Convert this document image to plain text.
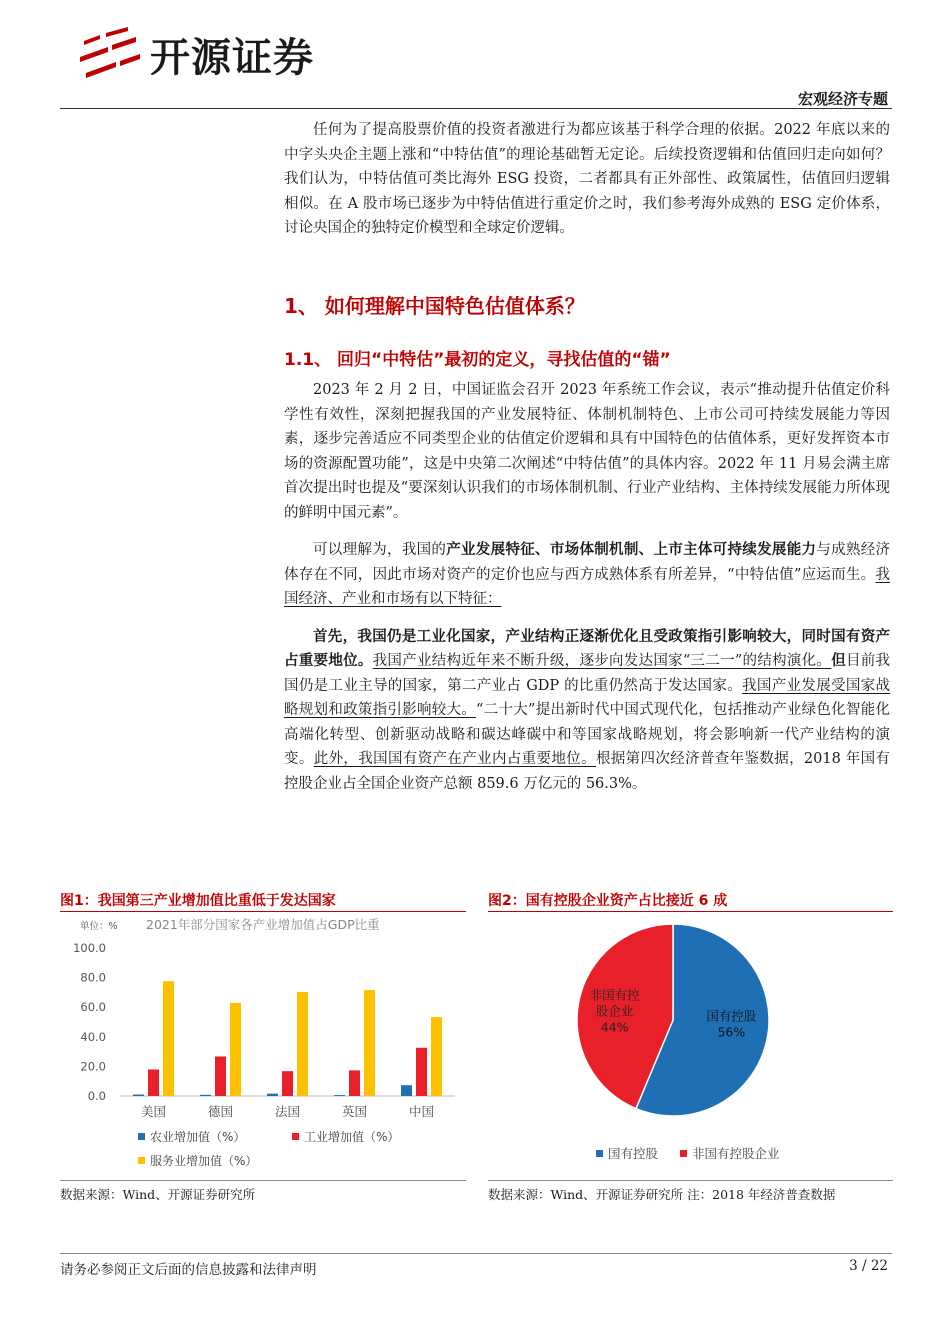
开源证券
宏观经济专题

任何为了提高股票价值的投资者激进行为都应该基于科学合理的依据。2022 年底以来的中字头央企主题上涨和“中特估值”的理论基础暂无定论。后续投资逻辑和估值回归走向如何？我们认为，中特估值可类比海外 ESG 投资，二者都具有正外部性、政策属性，估值回归逻辑相似。在 A 股市场已逐步为中特估值进行重定价之时，我们参考海外成熟的 ESG 定价体系，讨论央国企的独特定价模型和全球定价逻辑。

1、 如何理解中国特色估值体系？
1.1、 回归“中特估”最初的定义，寻找估值的“锚”

2023 年 2 月 2 日，中国证监会召开 2023 年系统工作会议，表示“推动提升估值定价科学性有效性，深刻把握我国的产业发展特征、体制机制特色、上市公司可持续发展能力等因素，逐步完善适应不同类型企业的估值定价逻辑和具有中国特色的估值体系，更好发挥资本市场的资源配置功能”，这是中央第二次阐述“中特估值”的具体内容。2022 年 11 月易会满主席首次提出时也提及“要深刻认识我们的市场体制机制、行业产业结构、主体持续发展能力所体现的鲜明中国元素”。

可以理解为，我国的产业发展特征、市场体制机制、上市主体可持续发展能力与成熟经济体存在不同，因此市场对资产的定价也应与西方成熟体系有所差异，“中特估值”应运而生。我国经济、产业和市场有以下特征：

首先，我国仍是工业化国家，产业结构正逐渐优化且受政策指引影响较大，同时国有资产占重要地位。我国产业结构近年来不断升级，逐步向发达国家“三二一”的结构演化。但目前我国仍是工业主导的国家，第二产业占 GDP 的比重仍然高于发达国家。我国产业发展受国家战略规划和政策指引影响较大。“二十大”提出新时代中国式现代化，包括推动产业绿色化智能化高端化转型、创新驱动战略和碳达峰碳中和等国家战略规划，将会影响新一代产业结构的演变。此外，我国国有资产在产业内占重要地位。根据第四次经济普查年鉴数据，2018 年国有控股企业占全国企业资产总额 859.6 万亿元的 56.3%。

图1：我国第三产业增加值比重低于发达国家
单位：% 2021年部分国家各产业增加值占GDP比重
0.0
20.0
40.0
60.0
80.0
100.0
美国	德国	法国	英国	中国
农业增加值（%）	工业增加值（%）
服务业增加值（%）
数据来源：Wind、开源证券研究所
图2：国有控股企业资产占比接近 6 成
国有控股
56%
非国有控
股企业
44%
国有控股	非国有控股企业
数据来源：Wind、开源证券研究所 注：2018 年经济普查数据
请务必参阅正文后面的信息披露和法律声明	3 / 22
